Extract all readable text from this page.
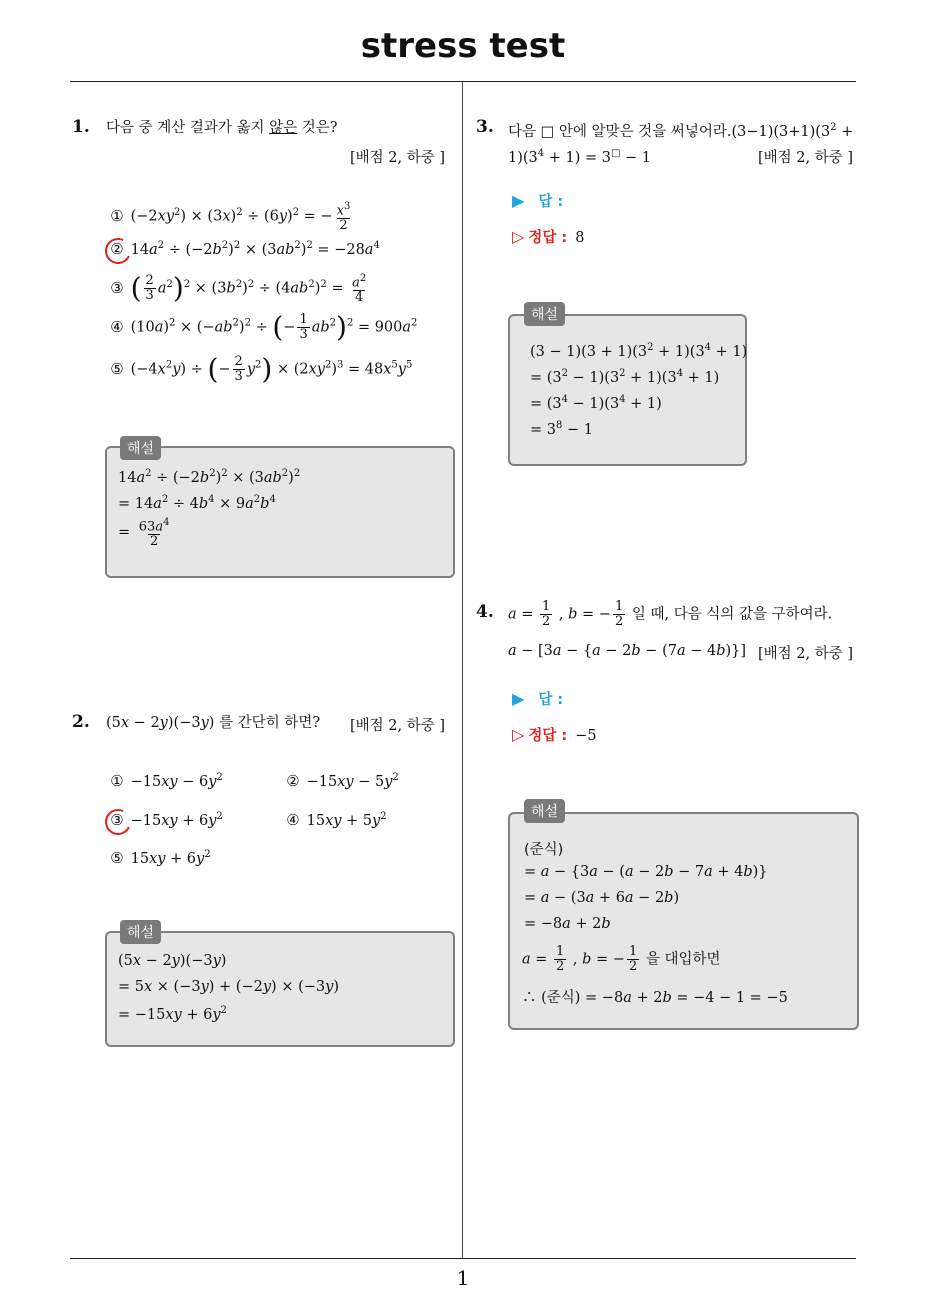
stress test
1
1. 다음 중 계산 결과가 옳지 않은 것은?
[배점 2, 하중 ]
① $(-2xy^2) \times (3x)^2 \div (6y)^2$ = − $\frac{x^3}{2}$
② $14a^2 \div (-2b^2)^2 \times (3ab^2)^2 = -28a^4$
③ ( $\frac{2}{3} a^2)^2 \times (3b^2)^2 \div (4ab^2)^2 = \frac{a^2}{4}$
④ $(10a)^2 \times (-ab^2)^2$ ÷ (− $\frac{1}{3} ab^2)^2 = 900a^2$
⑤ $(-4x^2y)$ ÷ (− $\frac{2}{3} y^2) \times (2xy^2)^3 = 48x^5y^5$
해설
$14a^2 \div (-2b^2)^2 \times (3ab^2)^2$
= $14a^2 \div 4b^4 \times 9a^2b^4$
= $\frac{63a^4}{2}$
2. (5x − 2y)(−3y) 를 간단히 하면? [배점 2, 하중 ]
① $-15xy - 6y^2$	② $-15xy - 5y^2$
③ $-15xy + 6y^2$	④ $15xy + 5y^2$
⑤ $15xy + 6y^2$
해설
(5x − 2y)(−3y)
= 5x × (−3y) + (−2y) × (−3y)
= $-15xy + 6y^2$
3. 다음 □ 안에 알맞은 것을 써넣어라$.(3-1)(3+1)(3^2$ +
$1)(3^4 + 1) = 3^□ - 1$	[배점 2, 하중 ]
▶ 답 :
▷ 정답 : 8
해설
$(3 - 1)(3 + 1)(3^2 + 1)(3^4 + 1)$
= $(3^2 - 1)(3^2 + 1)(3^4 + 1)$
= $(3^4 - 1)(3^4 + 1)$
= $3^8 - 1$
4. $a = \frac{1}{2}$ , b = − $\frac{1}{2}$ 일 때, 다음 식의 값을 구하여라.
a − [3a − {a − 2b − (7a − 4b)}] [배점 2, 하중 ]
▶ 답 :
▷ 정답 : −5
해설
(준식)
= a − {3a − (a − 2b − 7a + 4b)}
= a − (3a + 6a − 2b)
= −8a + 2b
$a = \frac{1}{2}$ , b = − $\frac{1}{2}$ 을 대입하면
∴ (준식) = −8a + 2b = −4 − 1 = −5
